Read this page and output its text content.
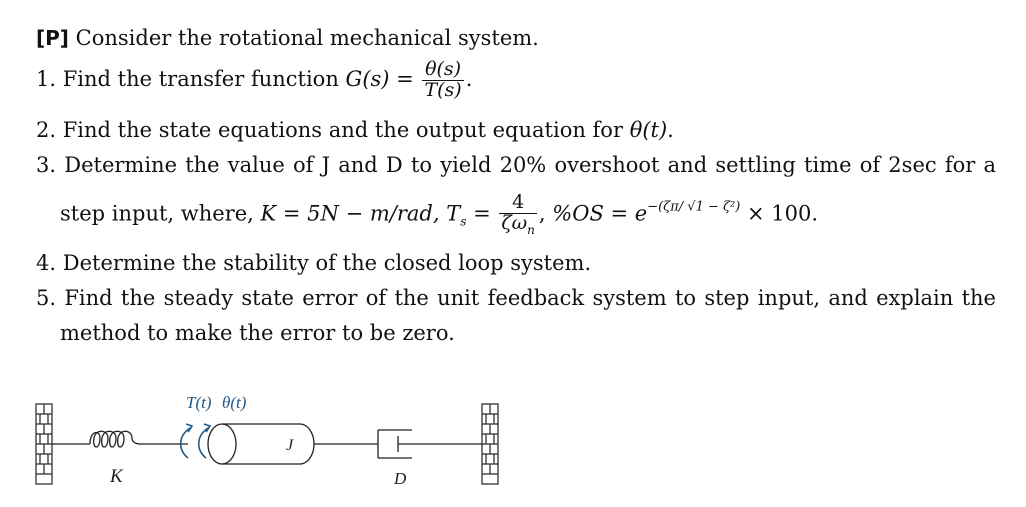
[P] Consider the rotational mechanical system.
1. Find the transfer function $G(s) = \frac{\theta(s)}{T(s)}$ .
2. Find the state equations and the output equation for θ(t).
3. Determine the value of J and D to yield 20% overshoot and settling time of 2sec for a
step input, where, K = 5N − m/rad, $T_s = \frac{4}{\zeta\omega_n}$ , $\%OS = e^{-(\zeta\pi/ √1 - \zeta^2)} \times 100$.
4. Determine the stability of the closed loop system.
5. Find the steady state error of the unit feedback system to step input, and explain the
method to make the error to be zero.
K
T(t) θ(t)
J
D
